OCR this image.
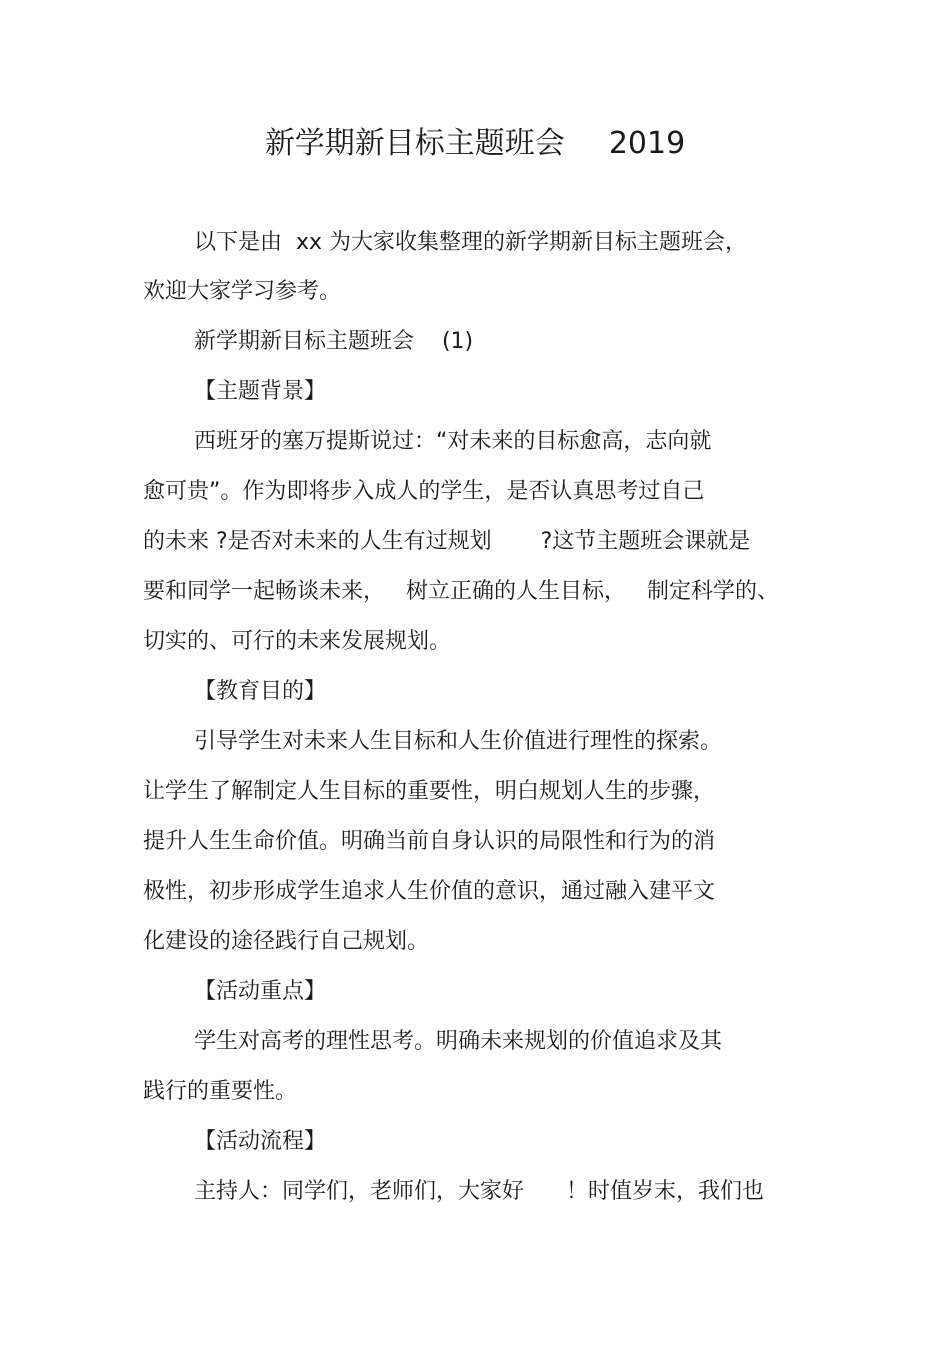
新学期新目标主题班会 2019
以下是由  xx 为大家收集整理的新学期新目标主题班会，
欢迎大家学习参考。
新学期新目标主题班会    (1)
【主题背景】
西班牙的塞万提斯说过：“对未来的目标愈高，志向就
愈可贵”。作为即将步入成人的学生，是否认真思考过自己
的未来 ?是否对未来的人生有过规划       ?这节主题班会课就是
要和同学一起畅谈未来，   树立正确的人生目标，   制定科学的、
切实的、可行的未来发展规划。
【教育目的】
引导学生对未来人生目标和人生价值进行理性的探索。
让学生了解制定人生目标的重要性，明白规划人生的步骤，
提升人生生命价值。明确当前自身认识的局限性和行为的消
极性，初步形成学生追求人生价值的意识，通过融入建平文
化建设的途径践行自己规划。
【活动重点】
学生对高考的理性思考。明确未来规划的价值追求及其
践行的重要性。
【活动流程】
主持人：同学们，老师们，大家好      ！时值岁末，我们也
